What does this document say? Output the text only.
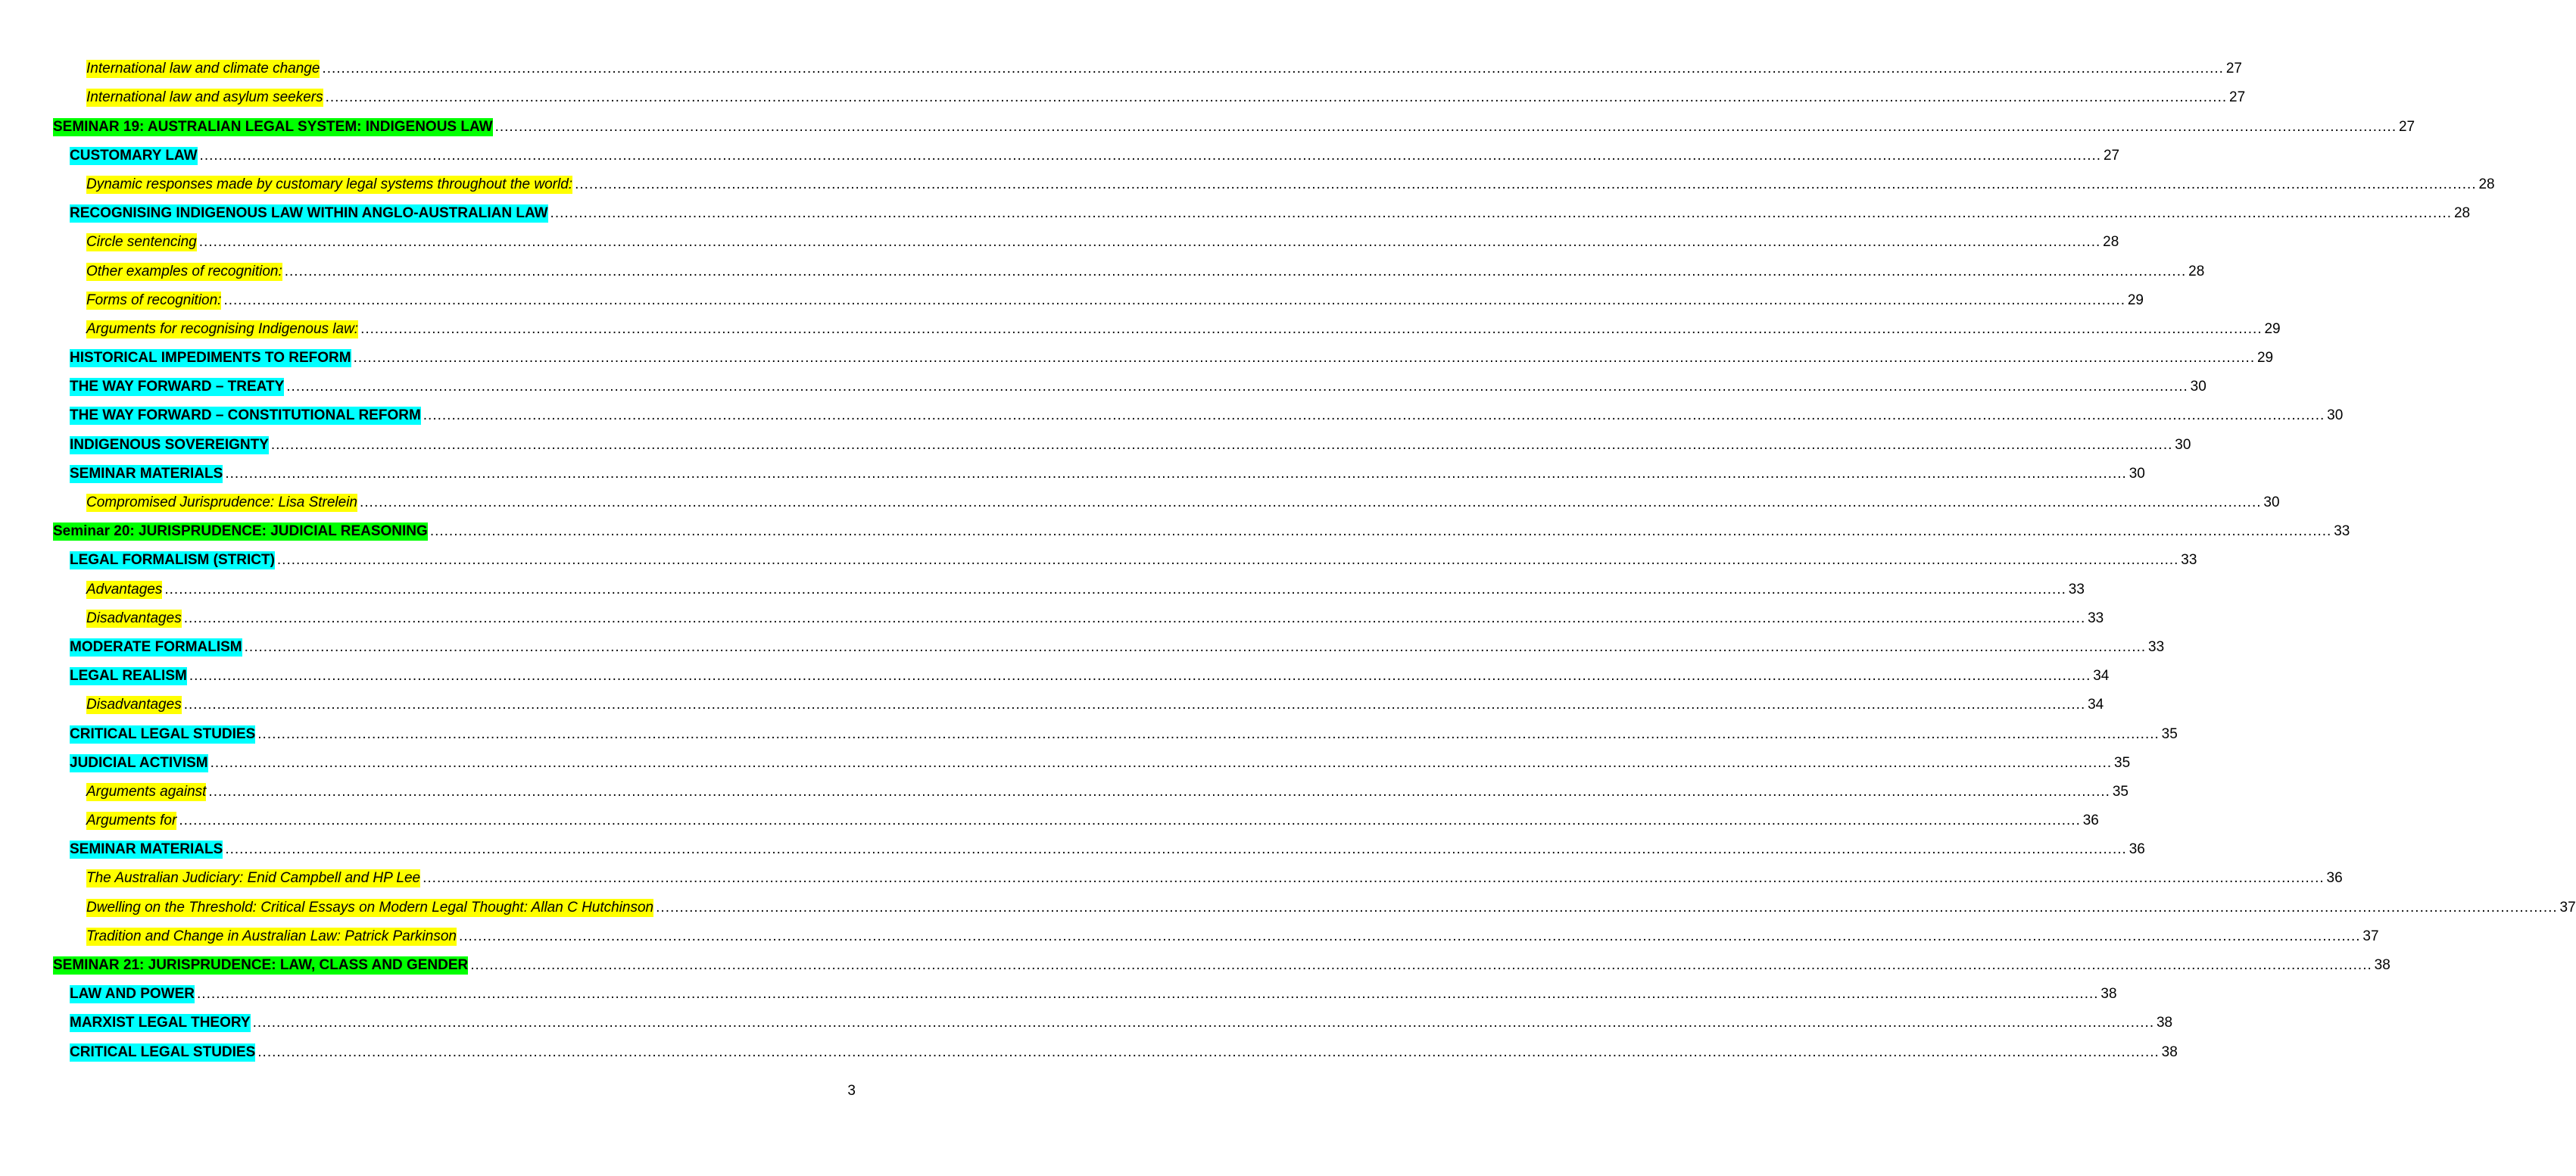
International law and climate change ................................................................................................................................................................................................................................................................................................................................................................................................................ 27
International law and asylum seekers ................................................................................................................................................................................................................................................................................................................................................................................................................ 27
SEMINAR 19: AUSTRALIAN LEGAL SYSTEM: INDIGENOUS LAW ................................................................................................................................................................................................................................................................................................................................................................................................................ 27
CUSTOMARY LAW ................................................................................................................................................................................................................................................................................................................................................................................................................ 27
Dynamic responses made by customary legal systems throughout the world: ................................................................................................................................................................................................................................................................................................................................................................................................................ 28
RECOGNISING INDIGENOUS LAW WITHIN ANGLO-AUSTRALIAN LAW ................................................................................................................................................................................................................................................................................................................................................................................................................ 28
Circle sentencing ................................................................................................................................................................................................................................................................................................................................................................................................................ 28
Other examples of recognition: ................................................................................................................................................................................................................................................................................................................................................................................................................ 28
Forms of recognition: ................................................................................................................................................................................................................................................................................................................................................................................................................ 29
Arguments for recognising Indigenous law: ................................................................................................................................................................................................................................................................................................................................................................................................................ 29
HISTORICAL IMPEDIMENTS TO REFORM ................................................................................................................................................................................................................................................................................................................................................................................................................ 29
THE WAY FORWARD – TREATY ................................................................................................................................................................................................................................................................................................................................................................................................................ 30
THE WAY FORWARD – CONSTITUTIONAL REFORM ................................................................................................................................................................................................................................................................................................................................................................................................................ 30
INDIGENOUS SOVEREIGNTY ................................................................................................................................................................................................................................................................................................................................................................................................................ 30
SEMINAR MATERIALS ................................................................................................................................................................................................................................................................................................................................................................................................................ 30
Compromised Jurisprudence: Lisa Strelein ................................................................................................................................................................................................................................................................................................................................................................................................................ 30
Seminar 20: JURISPRUDENCE: JUDICIAL REASONING ................................................................................................................................................................................................................................................................................................................................................................................................................ 33
LEGAL FORMALISM (STRICT) ................................................................................................................................................................................................................................................................................................................................................................................................................ 33
Advantages ................................................................................................................................................................................................................................................................................................................................................................................................................ 33
Disadvantages ................................................................................................................................................................................................................................................................................................................................................................................................................ 33
MODERATE FORMALISM ................................................................................................................................................................................................................................................................................................................................................................................................................ 33
LEGAL REALISM ................................................................................................................................................................................................................................................................................................................................................................................................................ 34
Disadvantages ................................................................................................................................................................................................................................................................................................................................................................................................................ 34
CRITICAL LEGAL STUDIES ................................................................................................................................................................................................................................................................................................................................................................................................................ 35
JUDICIAL ACTIVISM ................................................................................................................................................................................................................................................................................................................................................................................................................ 35
Arguments against ................................................................................................................................................................................................................................................................................................................................................................................................................ 35
Arguments for ................................................................................................................................................................................................................................................................................................................................................................................................................ 36
SEMINAR MATERIALS ................................................................................................................................................................................................................................................................................................................................................................................................................ 36
The Australian Judiciary: Enid Campbell and HP Lee ................................................................................................................................................................................................................................................................................................................................................................................................................ 36
Dwelling on the Threshold: Critical Essays on Modern Legal Thought: Allan C Hutchinson ................................................................................................................................................................................................................................................................................................................................................................................................................ 37
Tradition and Change in Australian Law: Patrick Parkinson ................................................................................................................................................................................................................................................................................................................................................................................................................ 37
SEMINAR 21: JURISPRUDENCE: LAW, CLASS AND GENDER ................................................................................................................................................................................................................................................................................................................................................................................................................ 38
LAW AND POWER ................................................................................................................................................................................................................................................................................................................................................................................................................ 38
MARXIST LEGAL THEORY ................................................................................................................................................................................................................................................................................................................................................................................................................ 38
CRITICAL LEGAL STUDIES ................................................................................................................................................................................................................................................................................................................................................................................................................ 38
3
